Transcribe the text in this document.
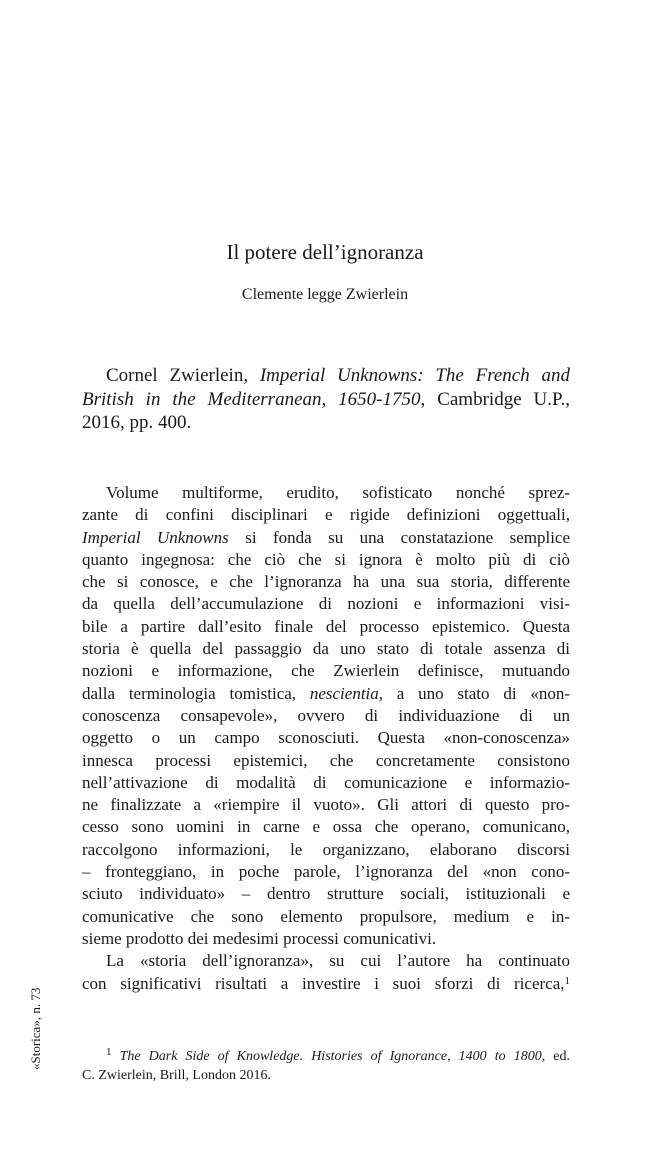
Il potere dell’ignoranza
Clemente legge Zwierlein
Cornel Zwierlein, Imperial Unknowns: The French and
British in the Mediterranean, 1650-1750, Cambridge U.P.,
2016, pp. 400.
Volume multiforme, erudito, sofisticato nonché sprez-
zante di confini disciplinari e rigide definizioni oggettuali,
Imperial Unknowns si fonda su una constatazione semplice
quanto ingegnosa: che ciò che si ignora è molto più di ciò
che si conosce, e che l’ignoranza ha una sua storia, differente
da quella dell’accumulazione di nozioni e informazioni visi-
bile a partire dall’esito finale del processo epistemico. Questa
storia è quella del passaggio da uno stato di totale assenza di
nozioni e informazione, che Zwierlein definisce, mutuando
dalla terminologia tomistica, nescientia, a uno stato di «non-
conoscenza consapevole», ovvero di individuazione di un
oggetto o un campo sconosciuti. Questa «non-conoscenza»
innesca processi epistemici, che concretamente consistono
nell’attivazione di modalità di comunicazione e informazio-
ne finalizzate a «riempire il vuoto». Gli attori di questo pro-
cesso sono uomini in carne e ossa che operano, comunicano,
raccolgono informazioni, le organizzano, elaborano discorsi
– fronteggiano, in poche parole, l’ignoranza del «non cono-
sciuto individuato» – dentro strutture sociali, istituzionali e
comunicative che sono elemento propulsore, medium e in-
sieme prodotto dei medesimi processi comunicativi.
La «storia dell’ignoranza», su cui l’autore ha continuato
con significativi risultati a investire i suoi sforzi di ricerca,$^1$
$^1$ The Dark Side of Knowledge. Histories of Ignorance, 1400 to 1800, ed.
C. Zwierlein, Brill, London 2016.
«Storica», n. 73
